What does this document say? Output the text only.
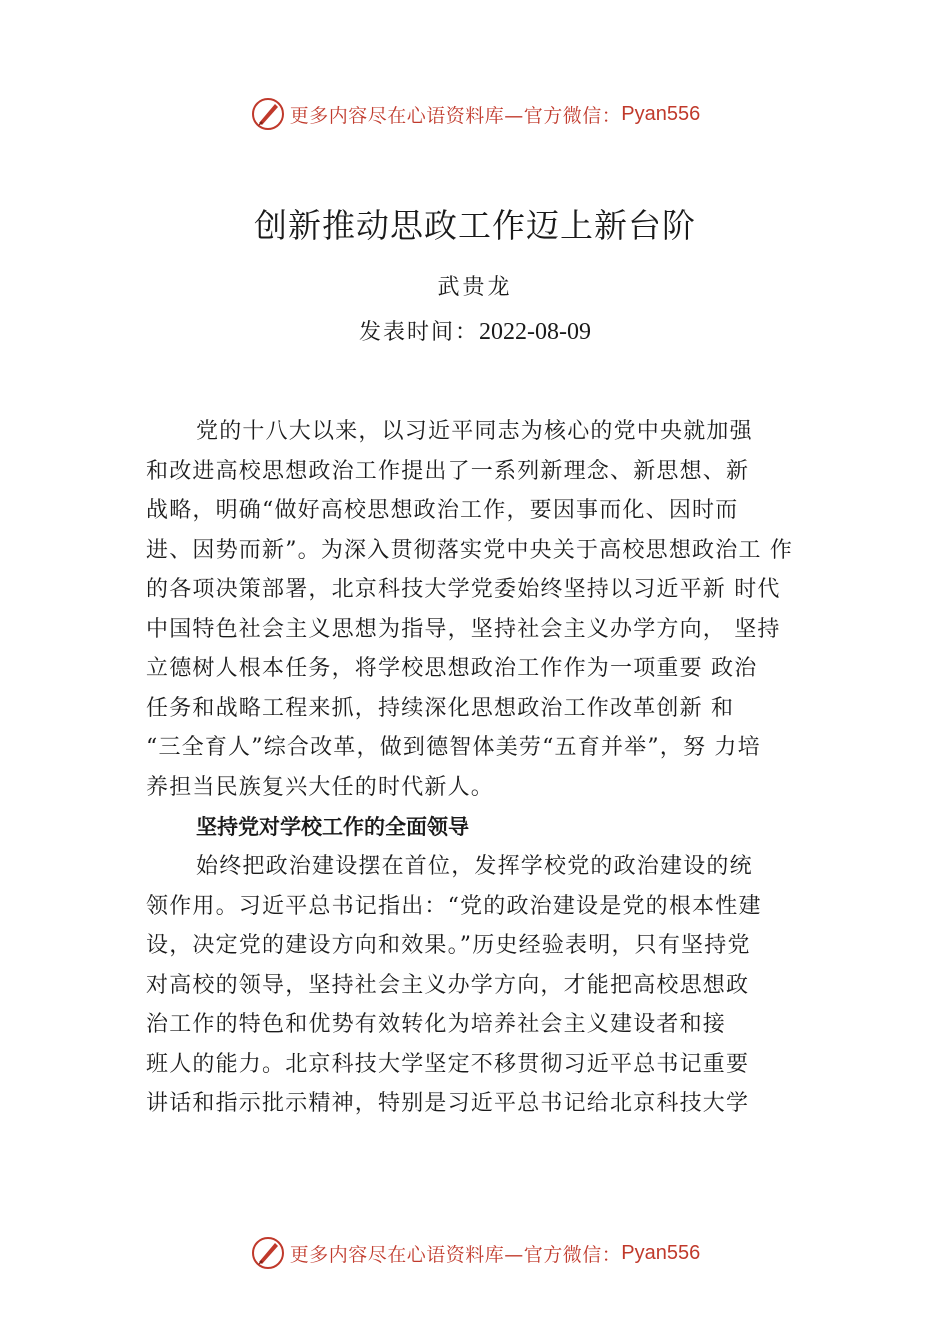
更多内容尽在心语资料库—官方微信： Pyan556
创新推动思政工作迈上新台阶
武贵龙
发表时间：2022-08-09
党的十八大以来，以习近平同志为核心的党中央就加强
和改进高校思想政治工作提出了一系列新理念、新思想、新
战略，明确“做好高校思想政治工作，要因事而化、因时而
进、因势而新”。为深入贯彻落实党中央关于高校思想政治工 作
的各项决策部署，北京科技大学党委始终坚持以习近平新 时代
中国特色社会主义思想为指导，坚持社会主义办学方向， 坚持
立德树人根本任务，将学校思想政治工作作为一项重要 政治
任务和战略工程来抓，持续深化思想政治工作改革创新 和
“三全育人”综合改革，做到德智体美劳“五育并举”，努 力培
养担当民族复兴大任的时代新人。
坚持党对学校工作的全面领导
始终把政治建设摆在首位，发挥学校党的政治建设的统
领作用。习近平总书记指出：“党的政治建设是党的根本性建
设，决定党的建设方向和效果。”历史经验表明，只有坚持党
对高校的领导，坚持社会主义办学方向，才能把高校思想政
治工作的特色和优势有效转化为培养社会主义建设者和接
班人的能力。北京科技大学坚定不移贯彻习近平总书记重要
讲话和指示批示精神，特别是习近平总书记给北京科技大学
更多内容尽在心语资料库—官方微信： Pyan556
